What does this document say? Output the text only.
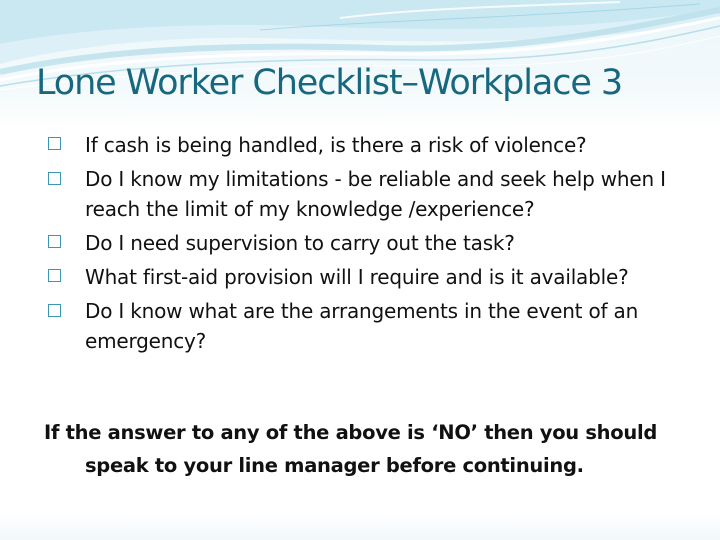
Lone Worker Checklist–Workplace 3
If cash is being handled, is there a risk of violence?
Do I know my limitations - be reliable and seek help when I reach the limit of my knowledge /experience?
Do I need supervision to carry out the task?
What first-aid provision will I require and is it available?
Do I know what are the arrangements in the event of an emergency?

If the answer to any of the above is ‘NO’ then you should speak to your line manager before continuing.
